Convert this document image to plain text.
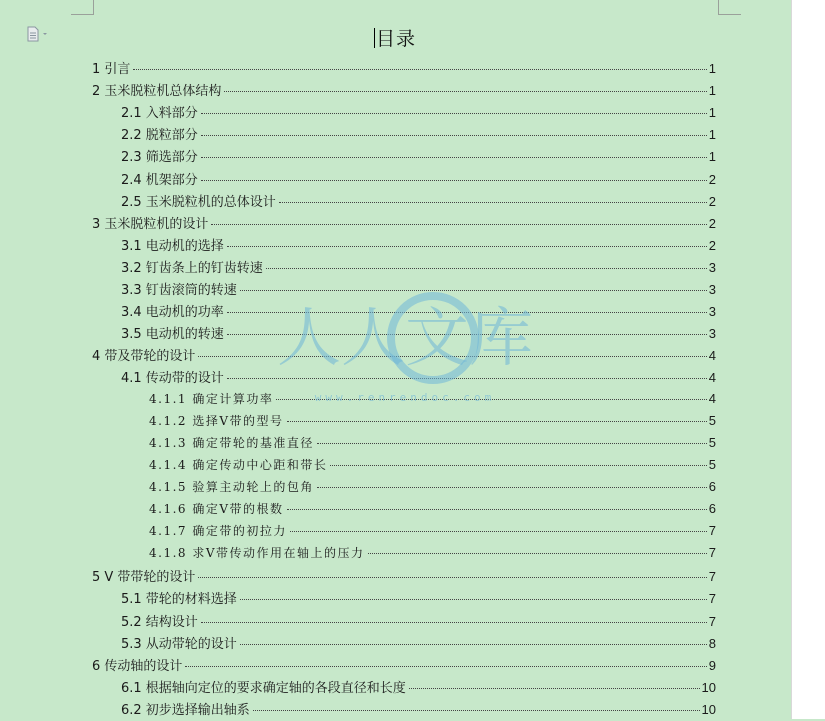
目录
1 引言	1
2 玉米脱粒机总体结构	1
2.1 入料部分	1
2.2 脱粒部分	1
2.3 筛选部分	1
2.4 机架部分	2
2.5 玉米脱粒机的总体设计	2
3 玉米脱粒机的设计	2
3.1 电动机的选择	2
3.2 钉齿条上的钉齿转速	3
3.3 钉齿滚筒的转速	3
3.4 电动机的功率	3
3.5 电动机的转速	3
4 带及带轮的设计	4
4.1 传动带的设计	4
4.1.1 确定计算功率	4
4.1.2 选择V带的型号	5
4.1.3 确定带轮的基准直径	5
4.1.4 确定传动中心距和带长	5
4.1.5 验算主动轮上的包角	6
4.1.6 确定V带的根数	6
4.1.7 确定带的初拉力	7
4.1.8 求V带传动作用在轴上的压力	7
5 V 带带轮的设计	7
5.1 带轮的材料选择	7
5.2 结构设计	7
5.3 从动带轮的设计	8
6 传动轴的设计	9
6.1 根据轴向定位的要求确定轴的各段直径和长度	10
6.2 初步选择输出轴系	10
人人文库
www.renrendoc.com
